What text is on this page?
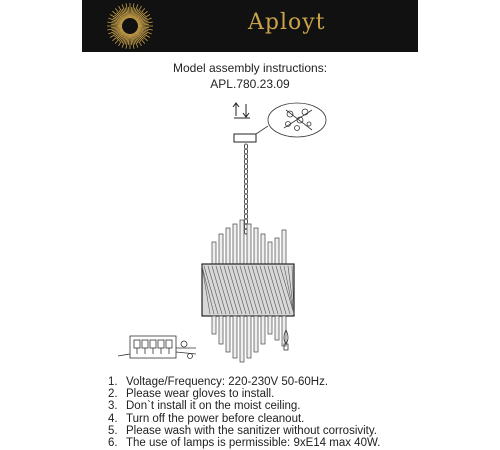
Aployt
Model assembly instructions:
APL.780.23.09
1. Voltage/Frequency: 220-230V 50-60Hz.
2. Please wear gloves to install.
3. Don`t install it on the moist ceiling.
4. Turn off the power before cleanout.
5. Please wash with the sanitizer without corrosivity.
6. The use of lamps is permissible: 9xE14 max 40W.
